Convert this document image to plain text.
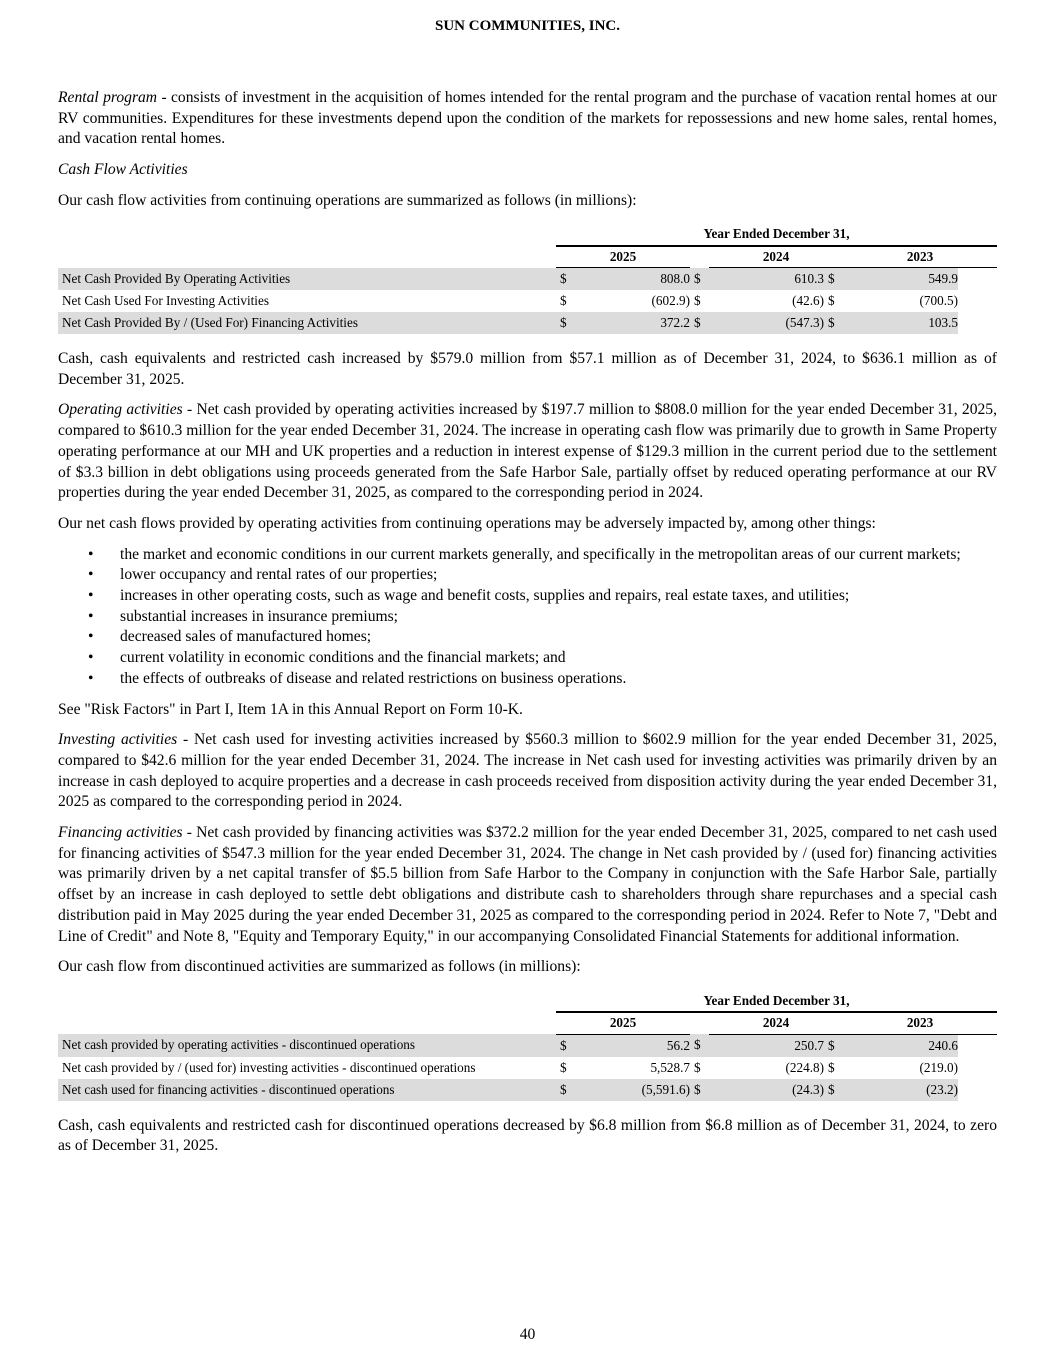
SUN COMMUNITIES, INC.

Rental program - consists of investment in the acquisition of homes intended for the rental program and the purchase of vacation rental homes at our RV communities. Expenditures for these investments depend upon the condition of the markets for repossessions and new home sales, rental homes, and vacation rental homes.

Cash Flow Activities

Our cash flow activities from continuing operations are summarized as follows (in millions):

	Year Ended December 31,						
	2025			2024		2023	
Net Cash Provided By Operating Activities	$	808.0	$	610.3	$	549.9	
Net Cash Used For Investing Activities	$	(602.9)	$	(42.6)	$	(700.5)	
Net Cash Provided By / (Used For) Financing Activities	$	372.2	$	(547.3)	$	103.5	

Cash, cash equivalents and restricted cash increased by $579.0 million from $57.1 million as of December 31, 2024, to $636.1 million as of December 31, 2025.

Operating activities - Net cash provided by operating activities increased by $197.7 million to $808.0 million for the year ended December 31, 2025, compared to $610.3 million for the year ended December 31, 2024. The increase in operating cash flow was primarily due to growth in Same Property operating performance at our MH and UK properties and a reduction in interest expense of $129.3 million in the current period due to the settlement of $3.3 billion in debt obligations using proceeds generated from the Safe Harbor Sale, partially offset by reduced operating performance at our RV properties during the year ended December 31, 2025, as compared to the corresponding period in 2024.

Our net cash flows provided by operating activities from continuing operations may be adversely impacted by, among other things:

• the market and economic conditions in our current markets generally, and specifically in the metropolitan areas of our current markets;
• lower occupancy and rental rates of our properties;
• increases in other operating costs, such as wage and benefit costs, supplies and repairs, real estate taxes, and utilities;
• substantial increases in insurance premiums;
• decreased sales of manufactured homes;
• current volatility in economic conditions and the financial markets; and
• the effects of outbreaks of disease and related restrictions on business operations.

See "Risk Factors" in Part I, Item 1A in this Annual Report on Form 10-K.

Investing activities - Net cash used for investing activities increased by $560.3 million to $602.9 million for the year ended December 31, 2025, compared to $42.6 million for the year ended December 31, 2024. The increase in Net cash used for investing activities was primarily driven by an increase in cash deployed to acquire properties and a decrease in cash proceeds received from disposition activity during the year ended December 31, 2025 as compared to the corresponding period in 2024.

Financing activities - Net cash provided by financing activities was $372.2 million for the year ended December 31, 2025, compared to net cash used for financing activities of $547.3 million for the year ended December 31, 2024. The change in Net cash provided by / (used for) financing activities was primarily driven by a net capital transfer of $5.5 billion from Safe Harbor to the Company in conjunction with the Safe Harbor Sale, partially offset by an increase in cash deployed to settle debt obligations and distribute cash to shareholders through share repurchases and a special cash distribution paid in May 2025 during the year ended December 31, 2025 as compared to the corresponding period in 2024. Refer to Note 7, "Debt and Line of Credit" and Note 8, "Equity and Temporary Equity," in our accompanying Consolidated Financial Statements for additional information.

Our cash flow from discontinued activities are summarized as follows (in millions):

	Year Ended December 31,						
	2025			2024		2023	
Net cash provided by operating activities - discontinued operations	$	56.2	$	250.7	$	240.6	
Net cash provided by / (used for) investing activities - discontinued operations	$	5,528.7	$	(224.8)	$	(219.0)	
Net cash used for financing activities - discontinued operations	$	(5,591.6)	$	(24.3)	$	(23.2)	

Cash, cash equivalents and restricted cash for discontinued operations decreased by $6.8 million from $6.8 million as of December 31, 2024, to zero as of December 31, 2025.

40
